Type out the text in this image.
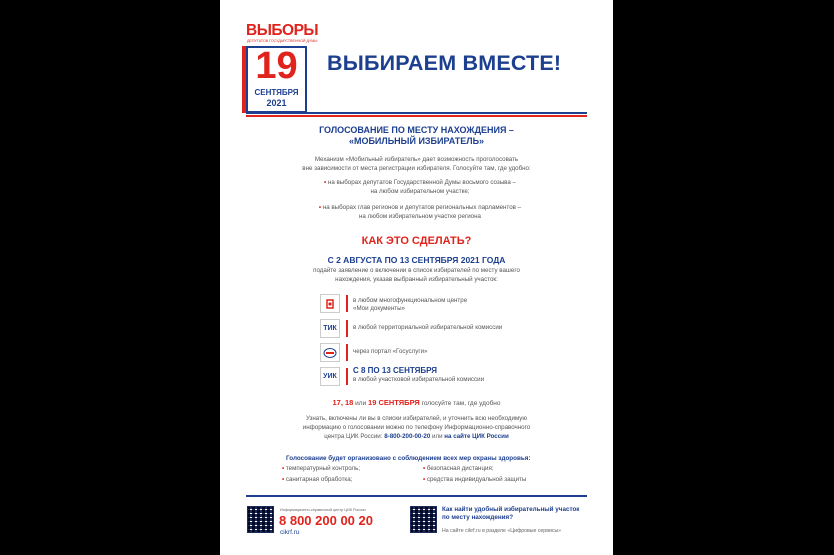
ВЫБОРЫ
ДЕПУТАТОВ ГОСУДАРСТВЕННОЙ ДУМЫ
19
СЕНТЯБРЯ
2021
ВЫБИРАЕМ ВМЕСТЕ!
ГОЛОСОВАНИЕ ПО МЕСТУ НАХОЖДЕНИЯ –
«МОБИЛЬНЫЙ ИЗБИРАТЕЛЬ»
Механизм «Мобильный избиратель» дает возможность проголосовать
вне зависимости от места регистрации избирателя. Голосуйте там, где удобно:
• на выборах депутатов Государственной Думы восьмого созыва –
на любом избирательном участке;
• на выборах глав регионов и депутатов региональных парламентов –
на любом избирательном участке региона
КАК ЭТО СДЕЛАТЬ?
С 2 АВГУСТА ПО 13 СЕНТЯБРЯ 2021 ГОДА
подайте заявление о включении в список избирателей по месту вашего
нахождения, указав выбранный избирательный участок:
в любом многофункциональном центре
«Мои документы»
ТИК	в любой территориальной избирательной комиссии
через портал «Госуслуги»
УИК
С 8 ПО 13 СЕНТЯБРЯ
в любой участковой избирательной комиссии
17, 18 или 19 СЕНТЯБРЯ голосуйте там, где удобно
Узнать, включены ли вы в списки избирателей, и уточнить всю необходимую
информацию о голосовании можно по телефону Информационно-справочного
центра ЦИК России: 8-800-200-00-20 или на сайте ЦИК России
Голосование будет организовано с соблюдением всех мер охраны здоровья:
• температурный контроль;
• санитарная обработка;
• безопасная дистанция;
• средства индивидуальной защиты
Информационно-справочный центр ЦИК России
8 800 200 00 20
cikrf.ru
Как найти удобный избирательный участок
по месту нахождения?
На сайте cikrf.ru в разделе «Цифровые сервисы»
